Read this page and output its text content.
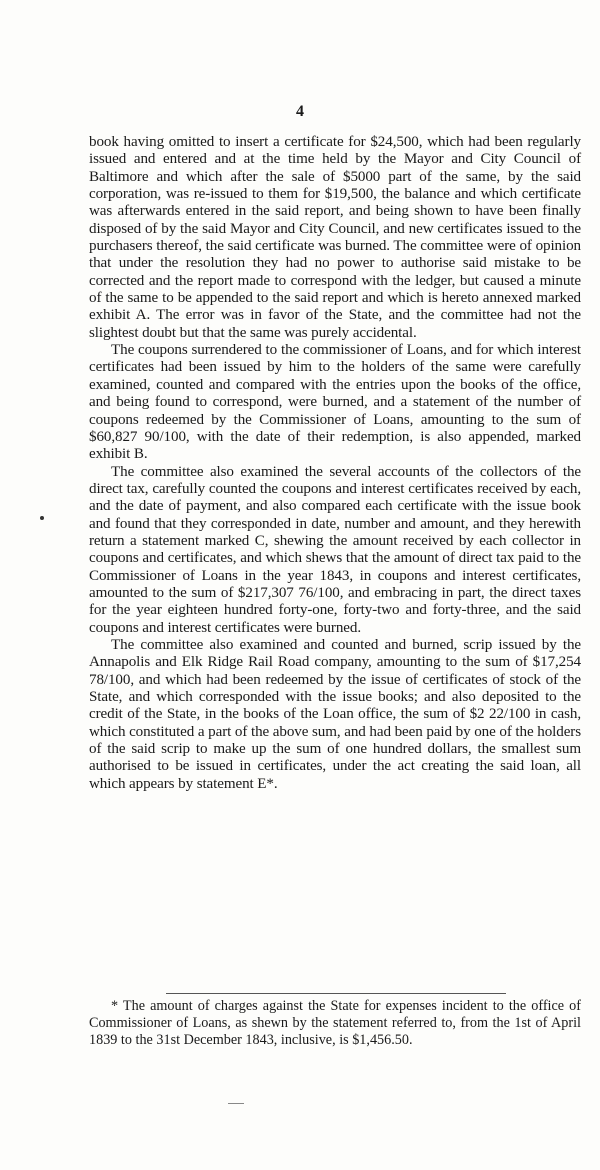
4

book having omitted to insert a certificate for $24,500, which had been regularly issued and entered and at the time held by the Mayor and City Council of Baltimore and which after the sale of $5000 part of the same, by the said corporation, was re-issued to them for $19,500, the balance and which certificate was afterwards entered in the said report, and being shown to have been finally disposed of by the said Mayor and City Council, and new certificates issued to the purchasers thereof, the said certificate was burned. The committee were of opinion that under the resolution they had no power to authorise said mistake to be corrected and the report made to correspond with the ledger, but caused a minute of the same to be appended to the said report and which is hereto annexed marked exhibit A. The error was in favor of the State, and the committee had not the slightest doubt but that the same was purely accidental.

The coupons surrendered to the commissioner of Loans, and for which interest certificates had been issued by him to the holders of the same were carefully examined, counted and compared with the entries upon the books of the office, and being found to correspond, were burned, and a statement of the number of coupons redeemed by the Commissioner of Loans, amounting to the sum of $60,827 90/100, with the date of their redemption, is also appended, marked exhibit B.

The committee also examined the several accounts of the collectors of the direct tax, carefully counted the coupons and interest certificates received by each, and the date of payment, and also compared each certificate with the issue book and found that they corresponded in date, number and amount, and they herewith return a statement marked C, shewing the amount received by each collector in coupons and certificates, and which shews that the amount of direct tax paid to the Commissioner of Loans in the year 1843, in coupons and interest certificates, amounted to the sum of $217,307 76/100, and embracing in part, the direct taxes for the year eighteen hundred forty-one, forty-two and forty-three, and the said coupons and interest certificates were burned.

The committee also examined and counted and burned, scrip issued by the Annapolis and Elk Ridge Rail Road company, amounting to the sum of $17,254 78/100, and which had been redeemed by the issue of certificates of stock of the State, and which corresponded with the issue books; and also deposited to the credit of the State, in the books of the Loan office, the sum of $2 22/100 in cash, which constituted a part of the above sum, and had been paid by one of the holders of the said scrip to make up the sum of one hundred dollars, the smallest sum authorised to be issued in certificates, under the act creating the said loan, all which appears by statement E*.

* The amount of charges against the State for expenses incident to the office of Commissioner of Loans, as shewn by the statement referred to, from the 1st of April 1839 to the 31st December 1843, inclusive, is $1,456.50.
